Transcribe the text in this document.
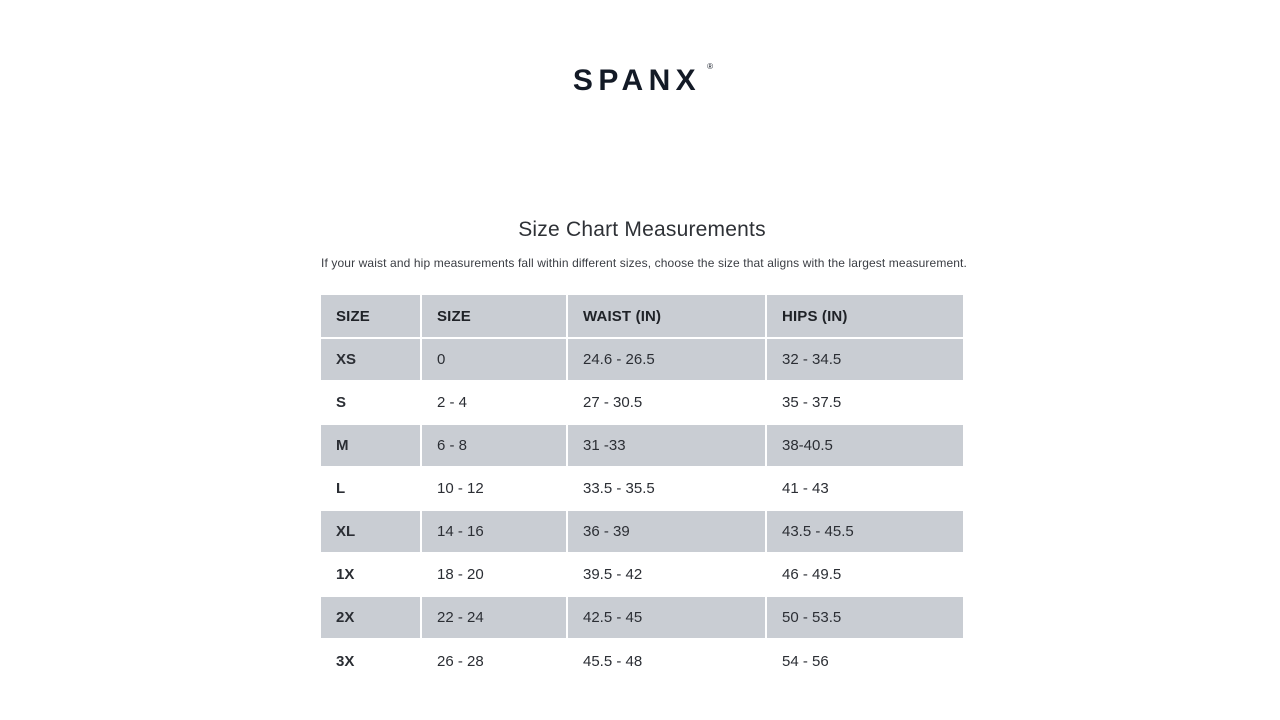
SPANX ®
Size Chart Measurements
If your waist and hip measurements fall within different sizes, choose the size that aligns with the largest measurement.
SIZE	SIZE	WAIST (IN)	HIPS (IN)
XS	0	24.6 - 26.5	32 - 34.5
S	2 - 4	27 - 30.5	35 - 37.5
M	6 - 8	31 -33	38-40.5
L	10 - 12	33.5 - 35.5	41 - 43
XL	14 - 16	36 - 39	43.5 - 45.5
1X	18 - 20	39.5 - 42	46 - 49.5
2X	22 - 24	42.5 - 45	50 - 53.5
3X	26 - 28	45.5 - 48	54 - 56
